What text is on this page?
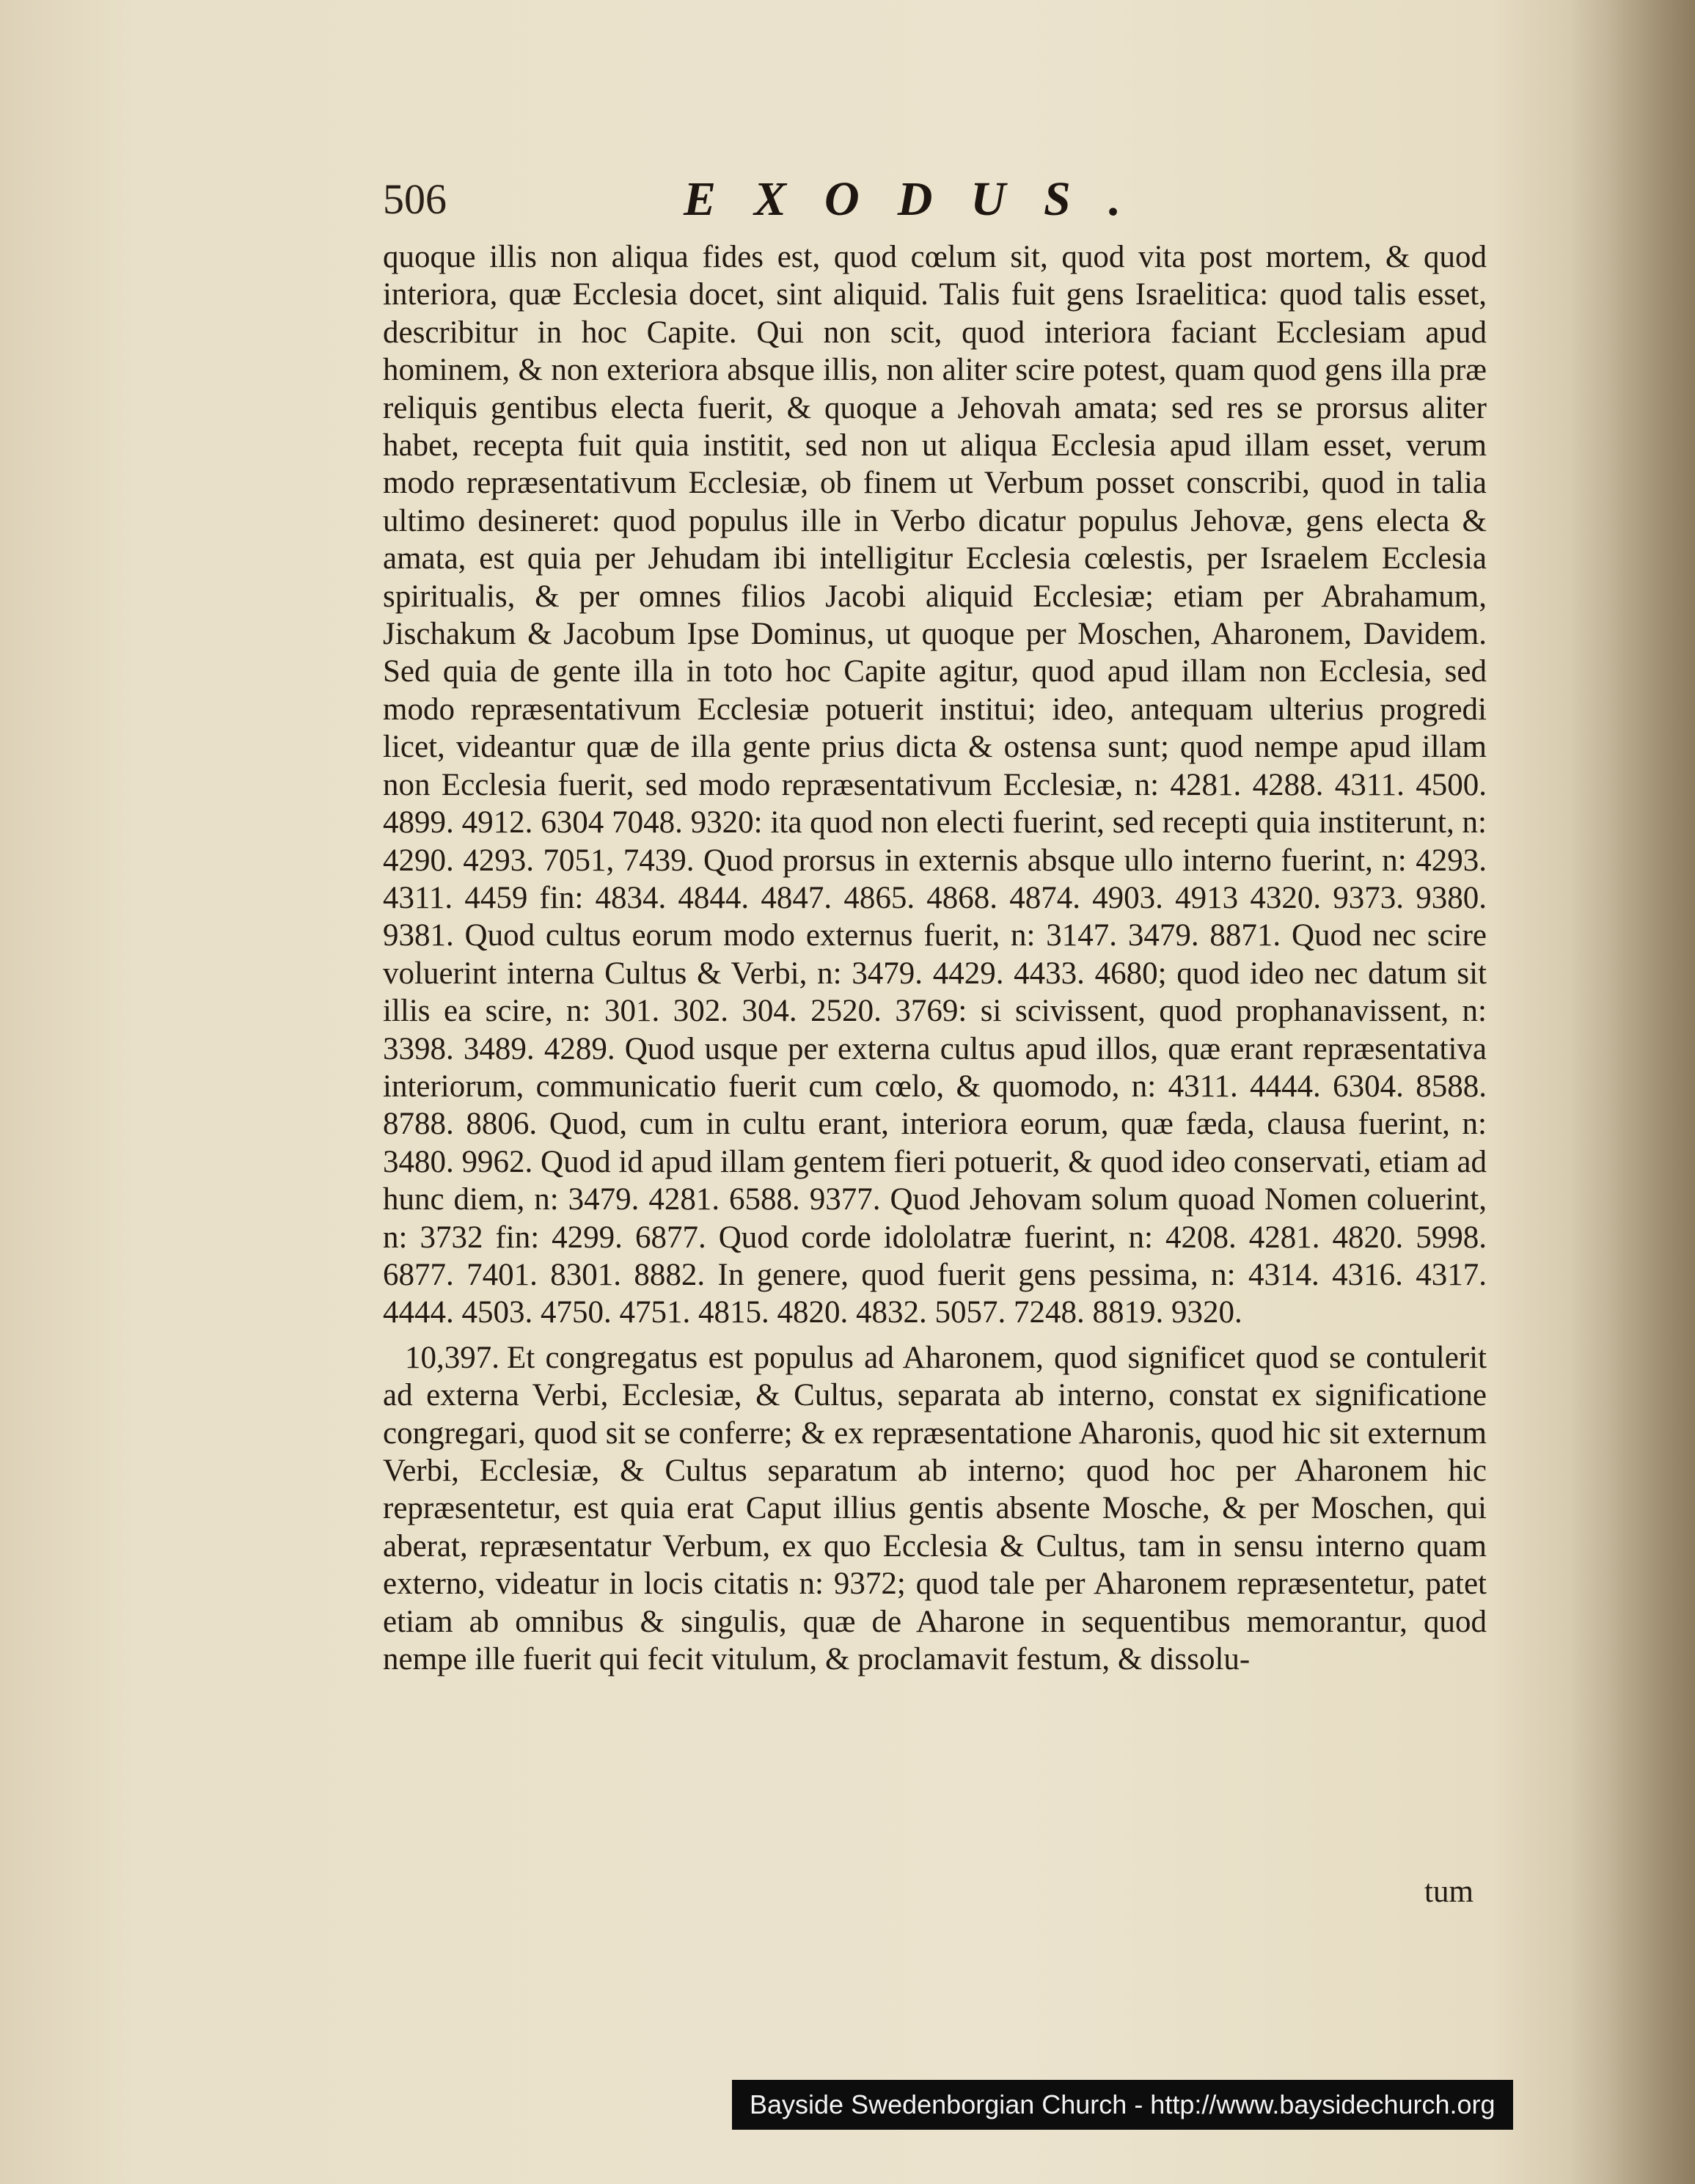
506	EXODUS.

quoque illis non aliqua fides est, quod cœlum sit, quod vita post mortem, & quod interiora, quæ Ecclesia docet, sint aliquid. Talis fuit gens Israelitica: quod talis esset, describitur in hoc Capite. Qui non scit, quod interiora faciant Ecclesiam apud hominem, & non exteriora absque illis, non aliter scire potest, quam quod gens illa præ reliquis gentibus electa fuerit, & quoque a Jehovah amata; sed res se prorsus aliter habet, recepta fuit quia institit, sed non ut aliqua Ecclesia apud illam esset, verum modo repræsentativum Ecclesiæ, ob finem ut Verbum posset conscribi, quod in talia ultimo desineret: quod populus ille in Verbo dicatur populus Jehovæ, gens electa & amata, est quia per Jehudam ibi intelligitur Ecclesia cœlestis, per Israelem Ecclesia spiritualis, & per omnes filios Jacobi aliquid Ecclesiæ; etiam per Abrahamum, Jischakum & Jacobum Ipse Dominus, ut quoque per Moschen, Aharonem, Davidem. Sed quia de gente illa in toto hoc Capite agitur, quod apud illam non Ecclesia, sed modo repræsentativum Ecclesiæ potuerit institui; ideo, antequam ulterius progredi licet, videantur quæ de illa gente prius dicta & ostensa sunt; quod nempe apud illam non Ecclesia fuerit, sed modo repræsentativum Ecclesiæ, n: 4281. 4288. 4311. 4500. 4899. 4912. 6304 7048. 9320: ita quod non electi fuerint, sed recepti quia institerunt, n: 4290. 4293. 7051, 7439. Quod prorsus in externis absque ullo interno fuerint, n: 4293. 4311. 4459 fin: 4834. 4844. 4847. 4865. 4868. 4874. 4903. 4913 4320. 9373. 9380. 9381. Quod cultus eorum modo externus fuerit, n: 3147. 3479. 8871. Quod nec scire voluerint interna Cultus & Verbi, n: 3479. 4429. 4433. 4680; quod ideo nec datum sit illis ea scire, n: 301. 302. 304. 2520. 3769: si scivissent, quod prophanavissent, n: 3398. 3489. 4289. Quod usque per externa cultus apud illos, quæ erant repræsentativa interiorum, communicatio fuerit cum cœlo, & quomodo, n: 4311. 4444. 6304. 8588. 8788. 8806. Quod, cum in cultu erant, interiora eorum, quæ fæda, clausa fuerint, n: 3480. 9962. Quod id apud illam gentem fieri potuerit, & quod ideo conservati, etiam ad hunc diem, n: 3479. 4281. 6588. 9377. Quod Jehovam solum quoad Nomen coluerint, n: 3732 fin: 4299. 6877. Quod corde idololatræ fuerint, n: 4208. 4281. 4820. 5998. 6877. 7401. 8301. 8882. In genere, quod fuerit gens pessima, n: 4314. 4316. 4317. 4444. 4503. 4750. 4751. 4815. 4820. 4832. 5057. 7248. 8819. 9320.

10,397. Et congregatus est populus ad Aharonem, quod significet quod se contulerit ad externa Verbi, Ecclesiæ, & Cultus, separata ab interno, constat ex significatione congregari, quod sit se conferre; & ex repræsentatione Aharonis, quod hic sit externum Verbi, Ecclesiæ, & Cultus separatum ab interno; quod hoc per Aharonem hic repræsentetur, est quia erat Caput illius gentis absente Mosche, & per Moschen, qui aberat, repræsentatur Verbum, ex quo Ecclesia & Cultus, tam in sensu interno quam externo, videatur in locis citatis n: 9372; quod tale per Aharonem repræsentetur, patet etiam ab omnibus & singulis, quæ de Aharone in sequentibus memorantur, quod nempe ille fuerit qui fecit vitulum, & proclamavit festum, & dissolu-

tum
Bayside Swedenborgian Church - http://www.baysidechurch.org
